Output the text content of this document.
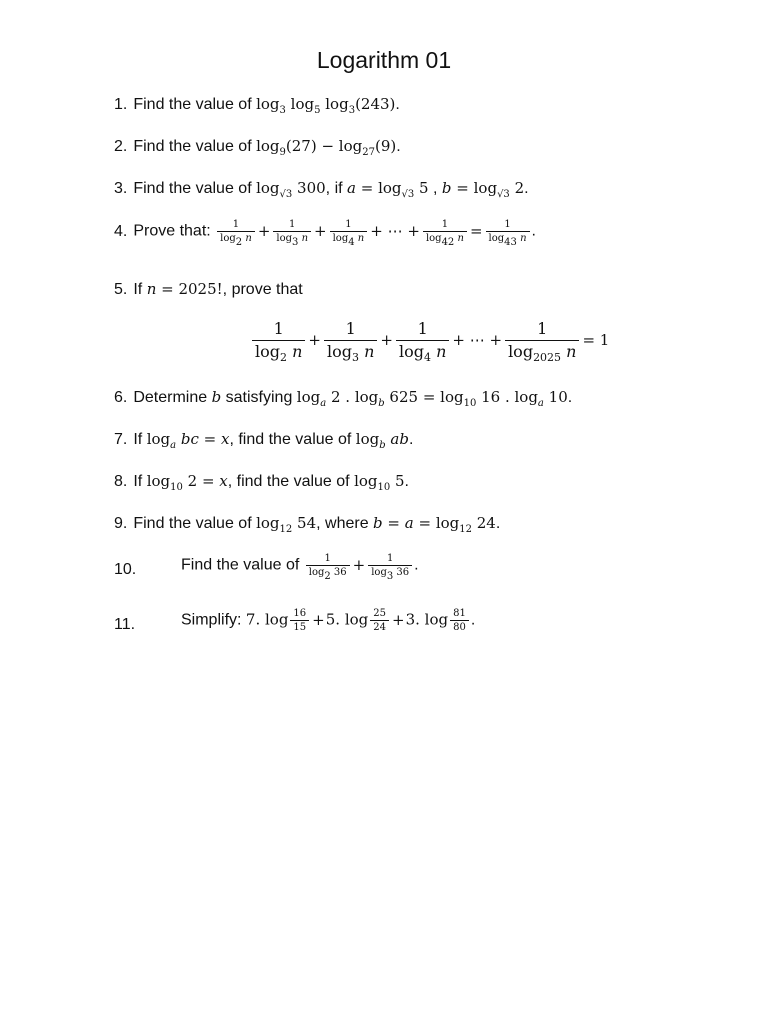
Logarithm 01
1. Find the value of $\log_3 \log_5 \log_3(243)$.
2. Find the value of $\log_9(27) - \log_{27}(9)$.
3. Find the value of $\log_{√3} 300$, if $a = \log_{√3} 5$ , $b = \log_{√3} 2$.
4. Prove that: $\frac{1}{\log_2 n} + \frac{1}{\log_3 n} + \frac{1}{\log_4 n}$ + ⋯ + $\frac{1}{\log_{42} n} = \frac{1}{\log_{43} n}$ .
5. If n = 2025!, prove that
$\frac{1}{\log_2 n} + \frac{1}{\log_3 n} + \frac{1}{\log_4 n}$ + ⋯ + $\frac{1}{\log_{2025} n} = 1$
6. Determine b satisfying $\log_a 2$ . $\log_b 625 = \log_{10} 16$ . $\log_a 10$.
7. If $\log_a$ bc = x, find the value of $\log_b$ ab.
8. If $\log_{10} 2 = x$, find the value of $\log_{10} 5$.
9. Find the value of $\log_{12} 54$, where $b = a = \log_{12} 24$.
10.	Find the value of $\frac{1}{\log_2 36} + \frac{1}{\log_3 36}$ .
11.	Simplify: 7. $\log \frac{16}{15} +5$. $\log \frac{25}{24} +3$. $\log \frac{81}{80}$ .
